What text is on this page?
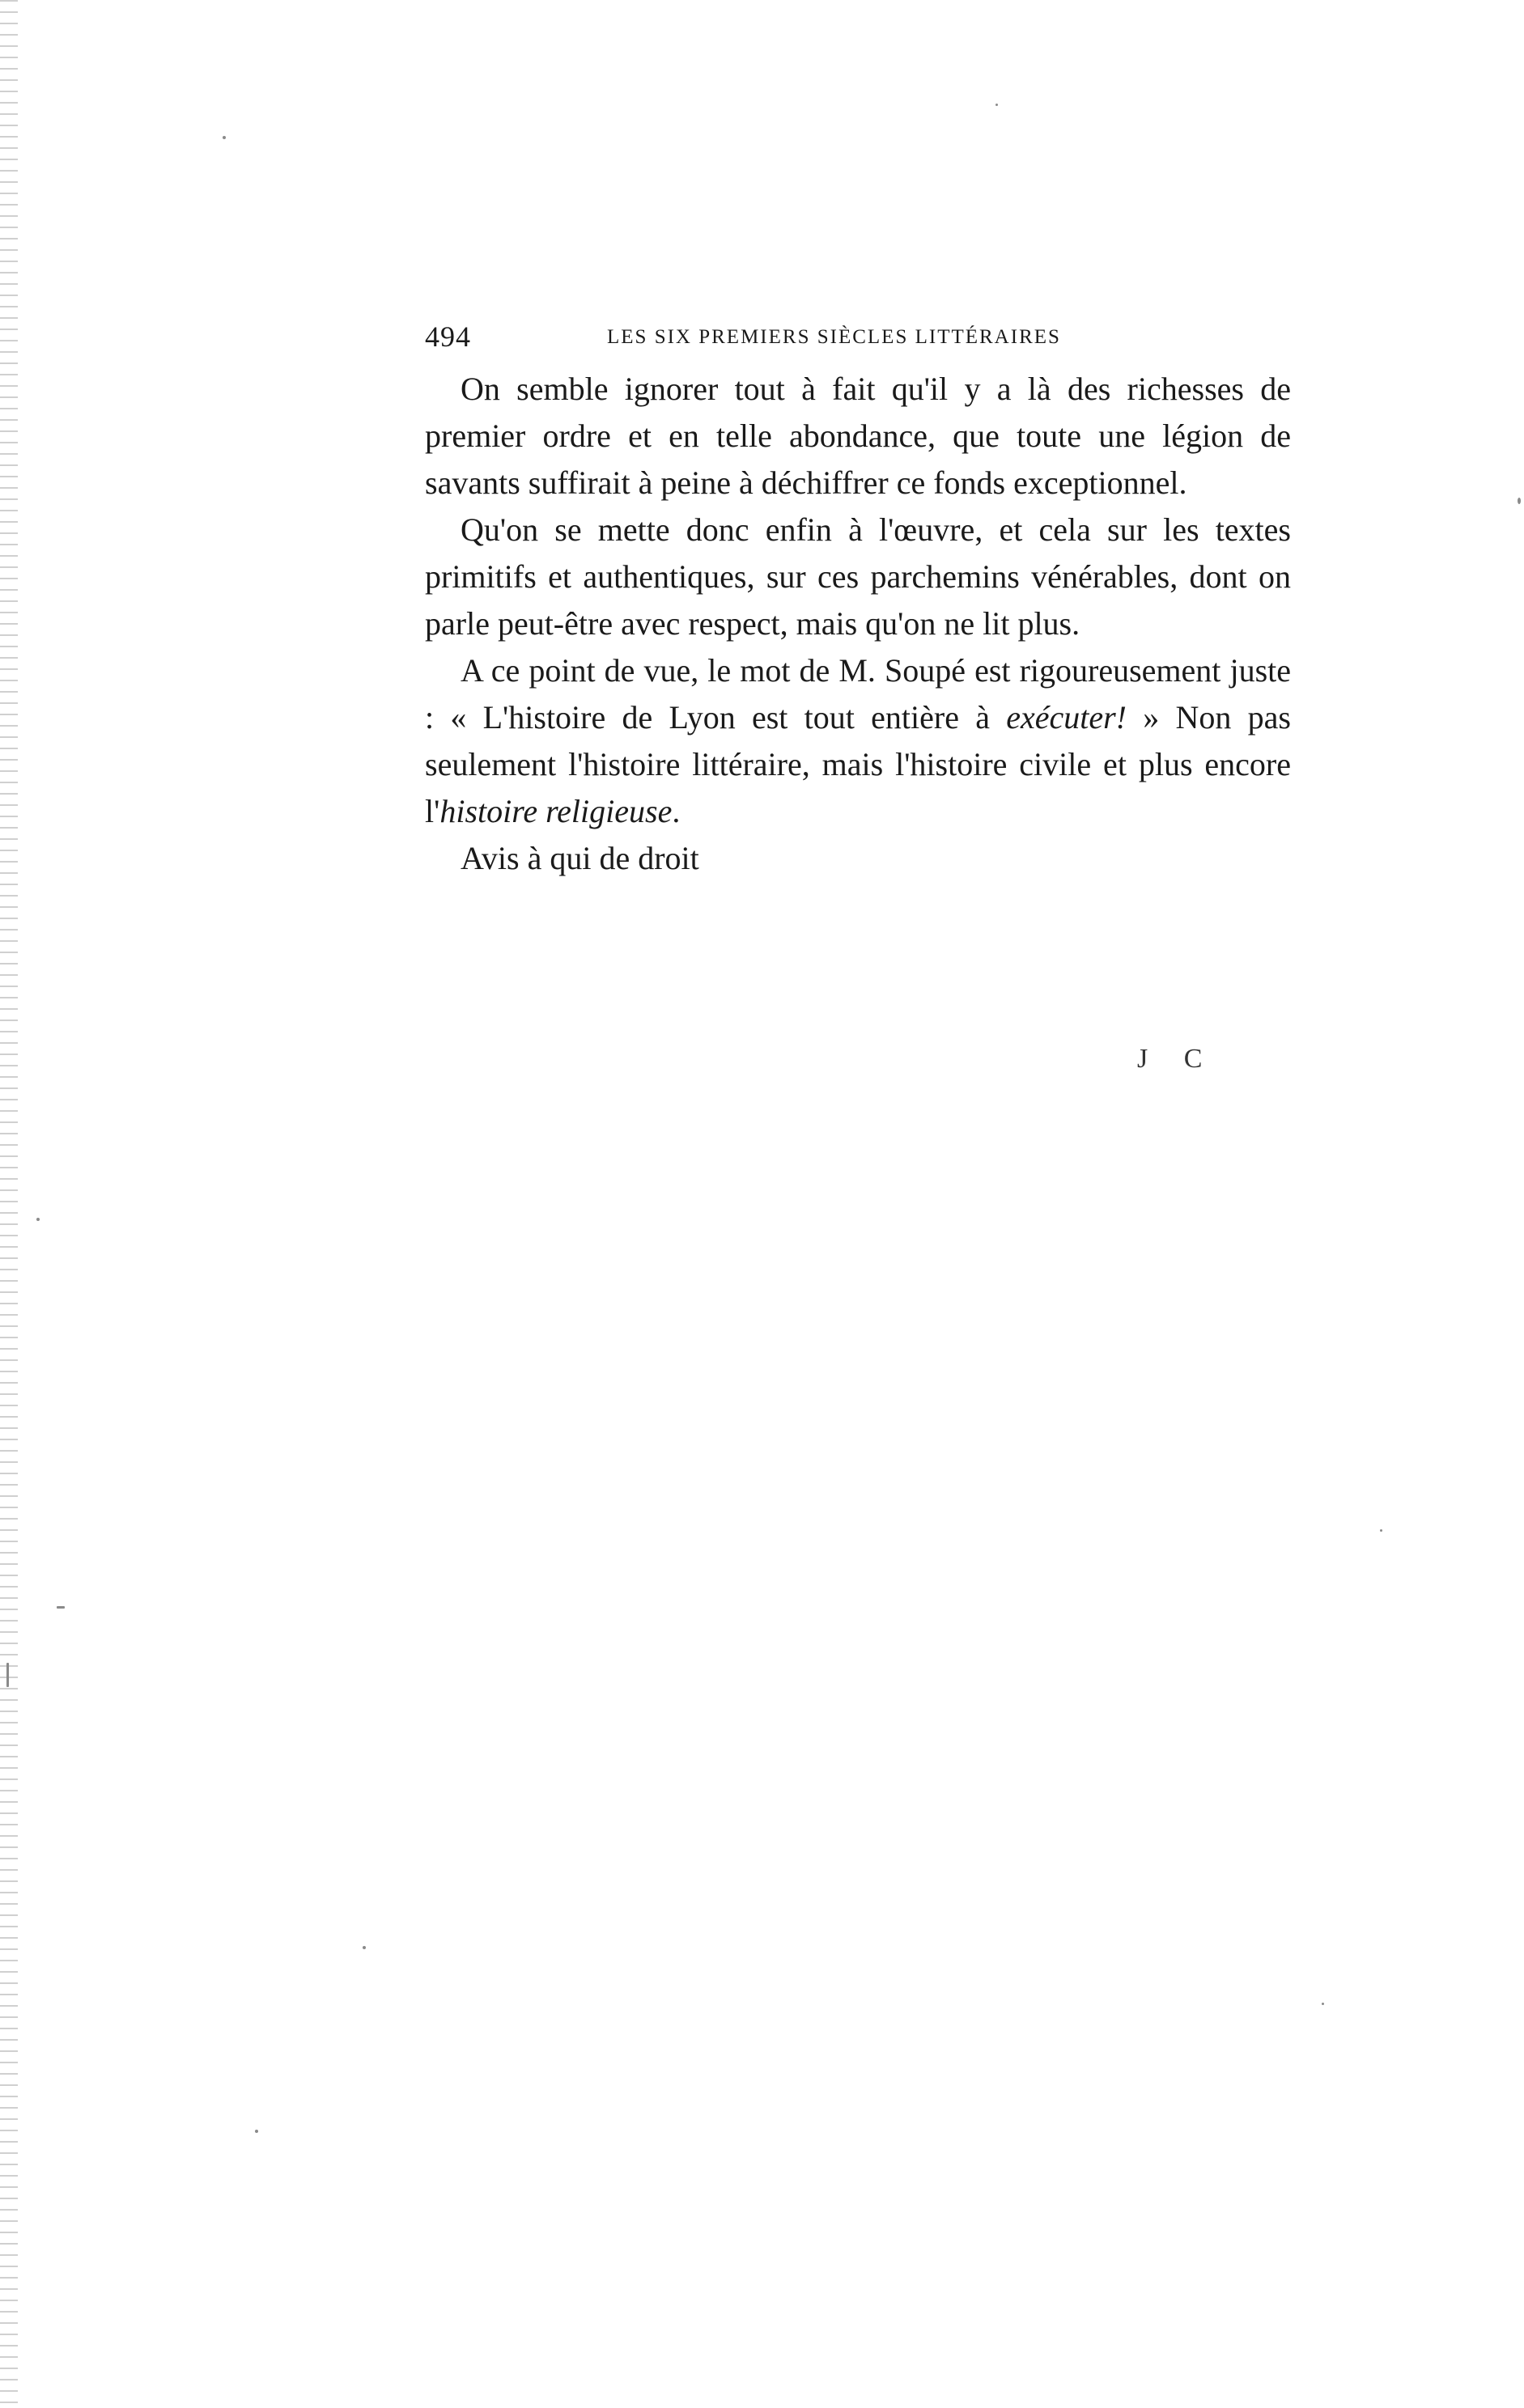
494	LES SIX PREMIERS SIÈCLES LITTÉRAIRES

On semble ignorer tout à fait qu'il y a là des richesses de premier ordre et en telle abondance, que toute une légion de savants suffirait à peine à déchiffrer ce fonds exceptionnel.

Qu'on se mette donc enfin à l'œuvre, et cela sur les textes primitifs et authentiques, sur ces parchemins vénérables, dont on parle peut-être avec respect, mais qu'on ne lit plus.

A ce point de vue, le mot de M. Soupé est rigoureusement juste : « L'histoire de Lyon est tout entière à exécuter! » Non pas seulement l'histoire littéraire, mais l'histoire civile et plus encore l'histoire religieuse.

Avis à qui de droit

J C
